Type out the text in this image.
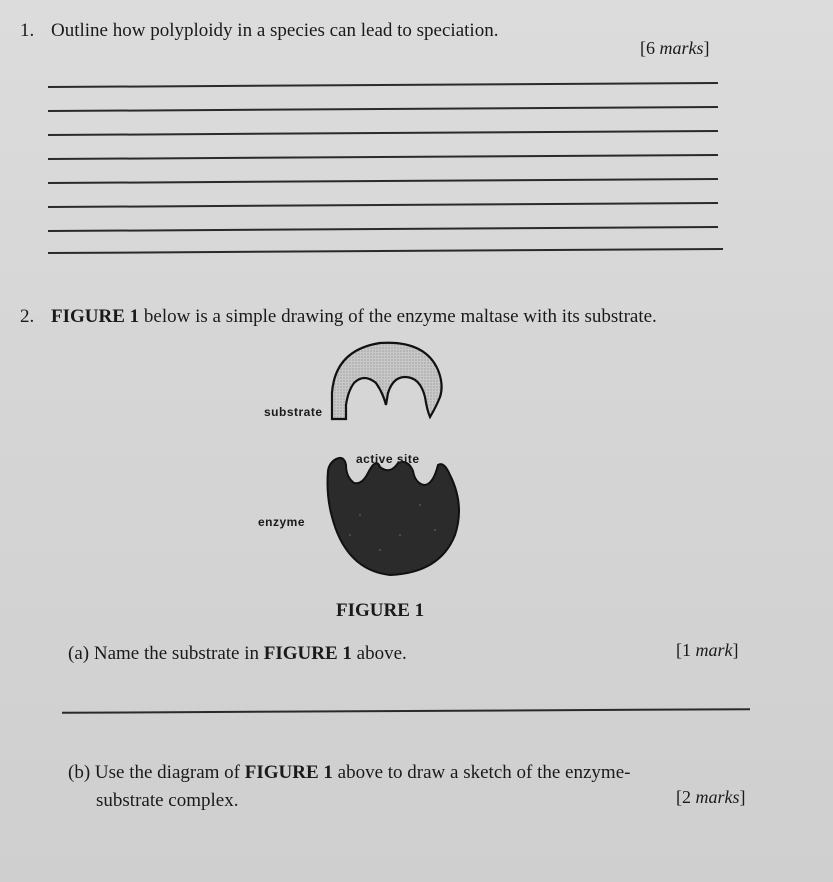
1. Outline how polyploidy in a species can lead to speciation.
[6 marks]
2. FIGURE 1 below is a simple drawing of the enzyme maltase with its substrate.
substrate
active site
enzyme
FIGURE 1
(a) Name the substrate in FIGURE 1 above.	[1 mark]
(b) Use the diagram of FIGURE 1 above to draw a sketch of the enzyme-
substrate complex.	[2 marks]
